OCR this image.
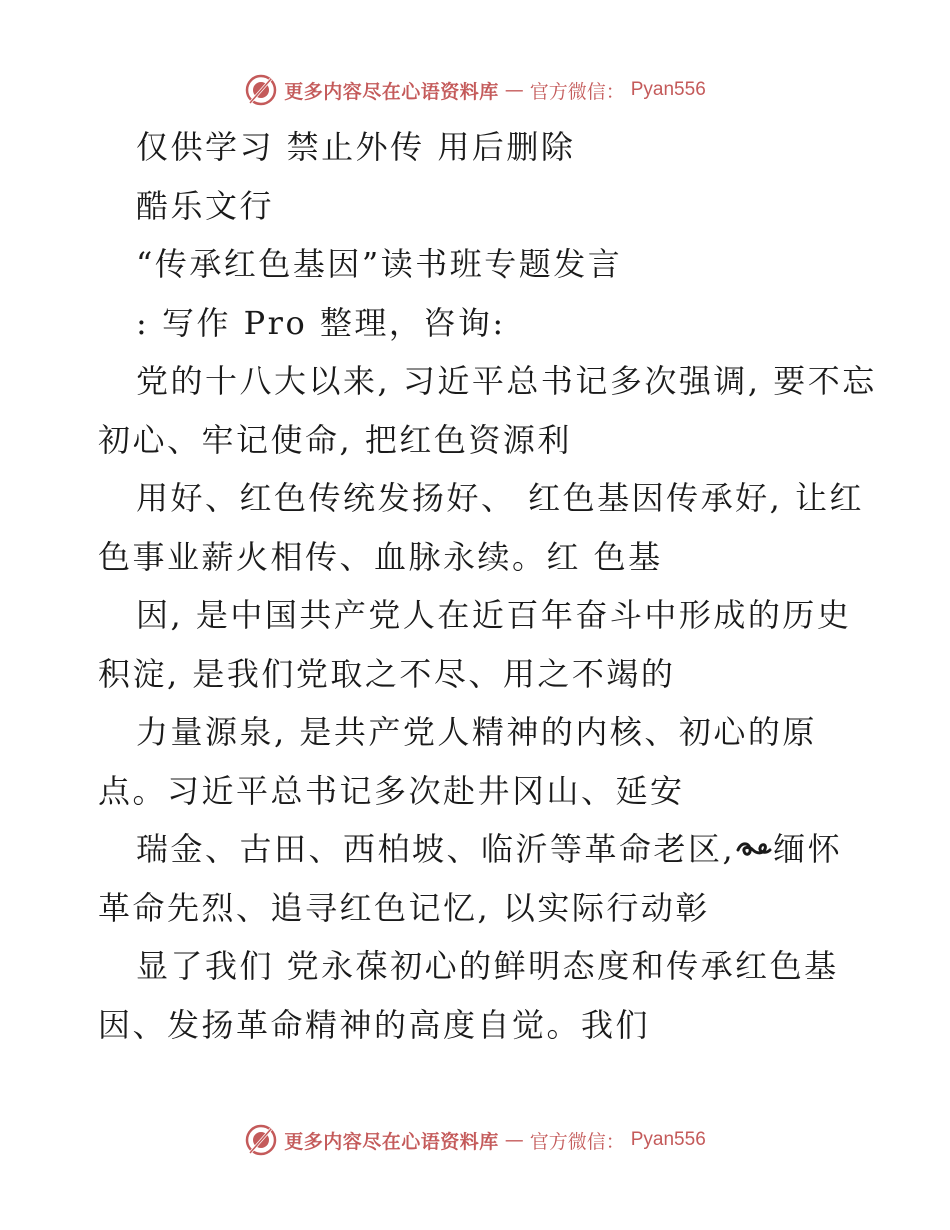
更多内容尽在心语资料库 — 官方微信： Pyan556
仅供学习 禁止外传 用后删除
酷乐文行
“传承红色基因”读书班专题发言
: 写作 Pro 整理，咨询:
党的十八大以来, 习近平总书记多次强调, 要不忘
初心、牢记使命, 把红色资源利
用好、红色传统发扬好、 红色基因传承好, 让红
色事业薪火相传、血脉永续。红 色基
因, 是中国共产党人在近百年奋斗中形成的历史
积淀, 是我们党取之不尽、用之不竭的
力量源泉, 是共产党人精神的内核、初心的原
点。习近平总书记多次赴井冈山、延安
瑞金、古田、西柏坡、临沂等革命老区, 缅怀
革命先烈、追寻红色记忆, 以实际行动彰
显了我们 党永葆初心的鲜明态度和传承红色基
因、发扬革命精神的高度自觉。我们
更多内容尽在心语资料库 — 官方微信： Pyan556
